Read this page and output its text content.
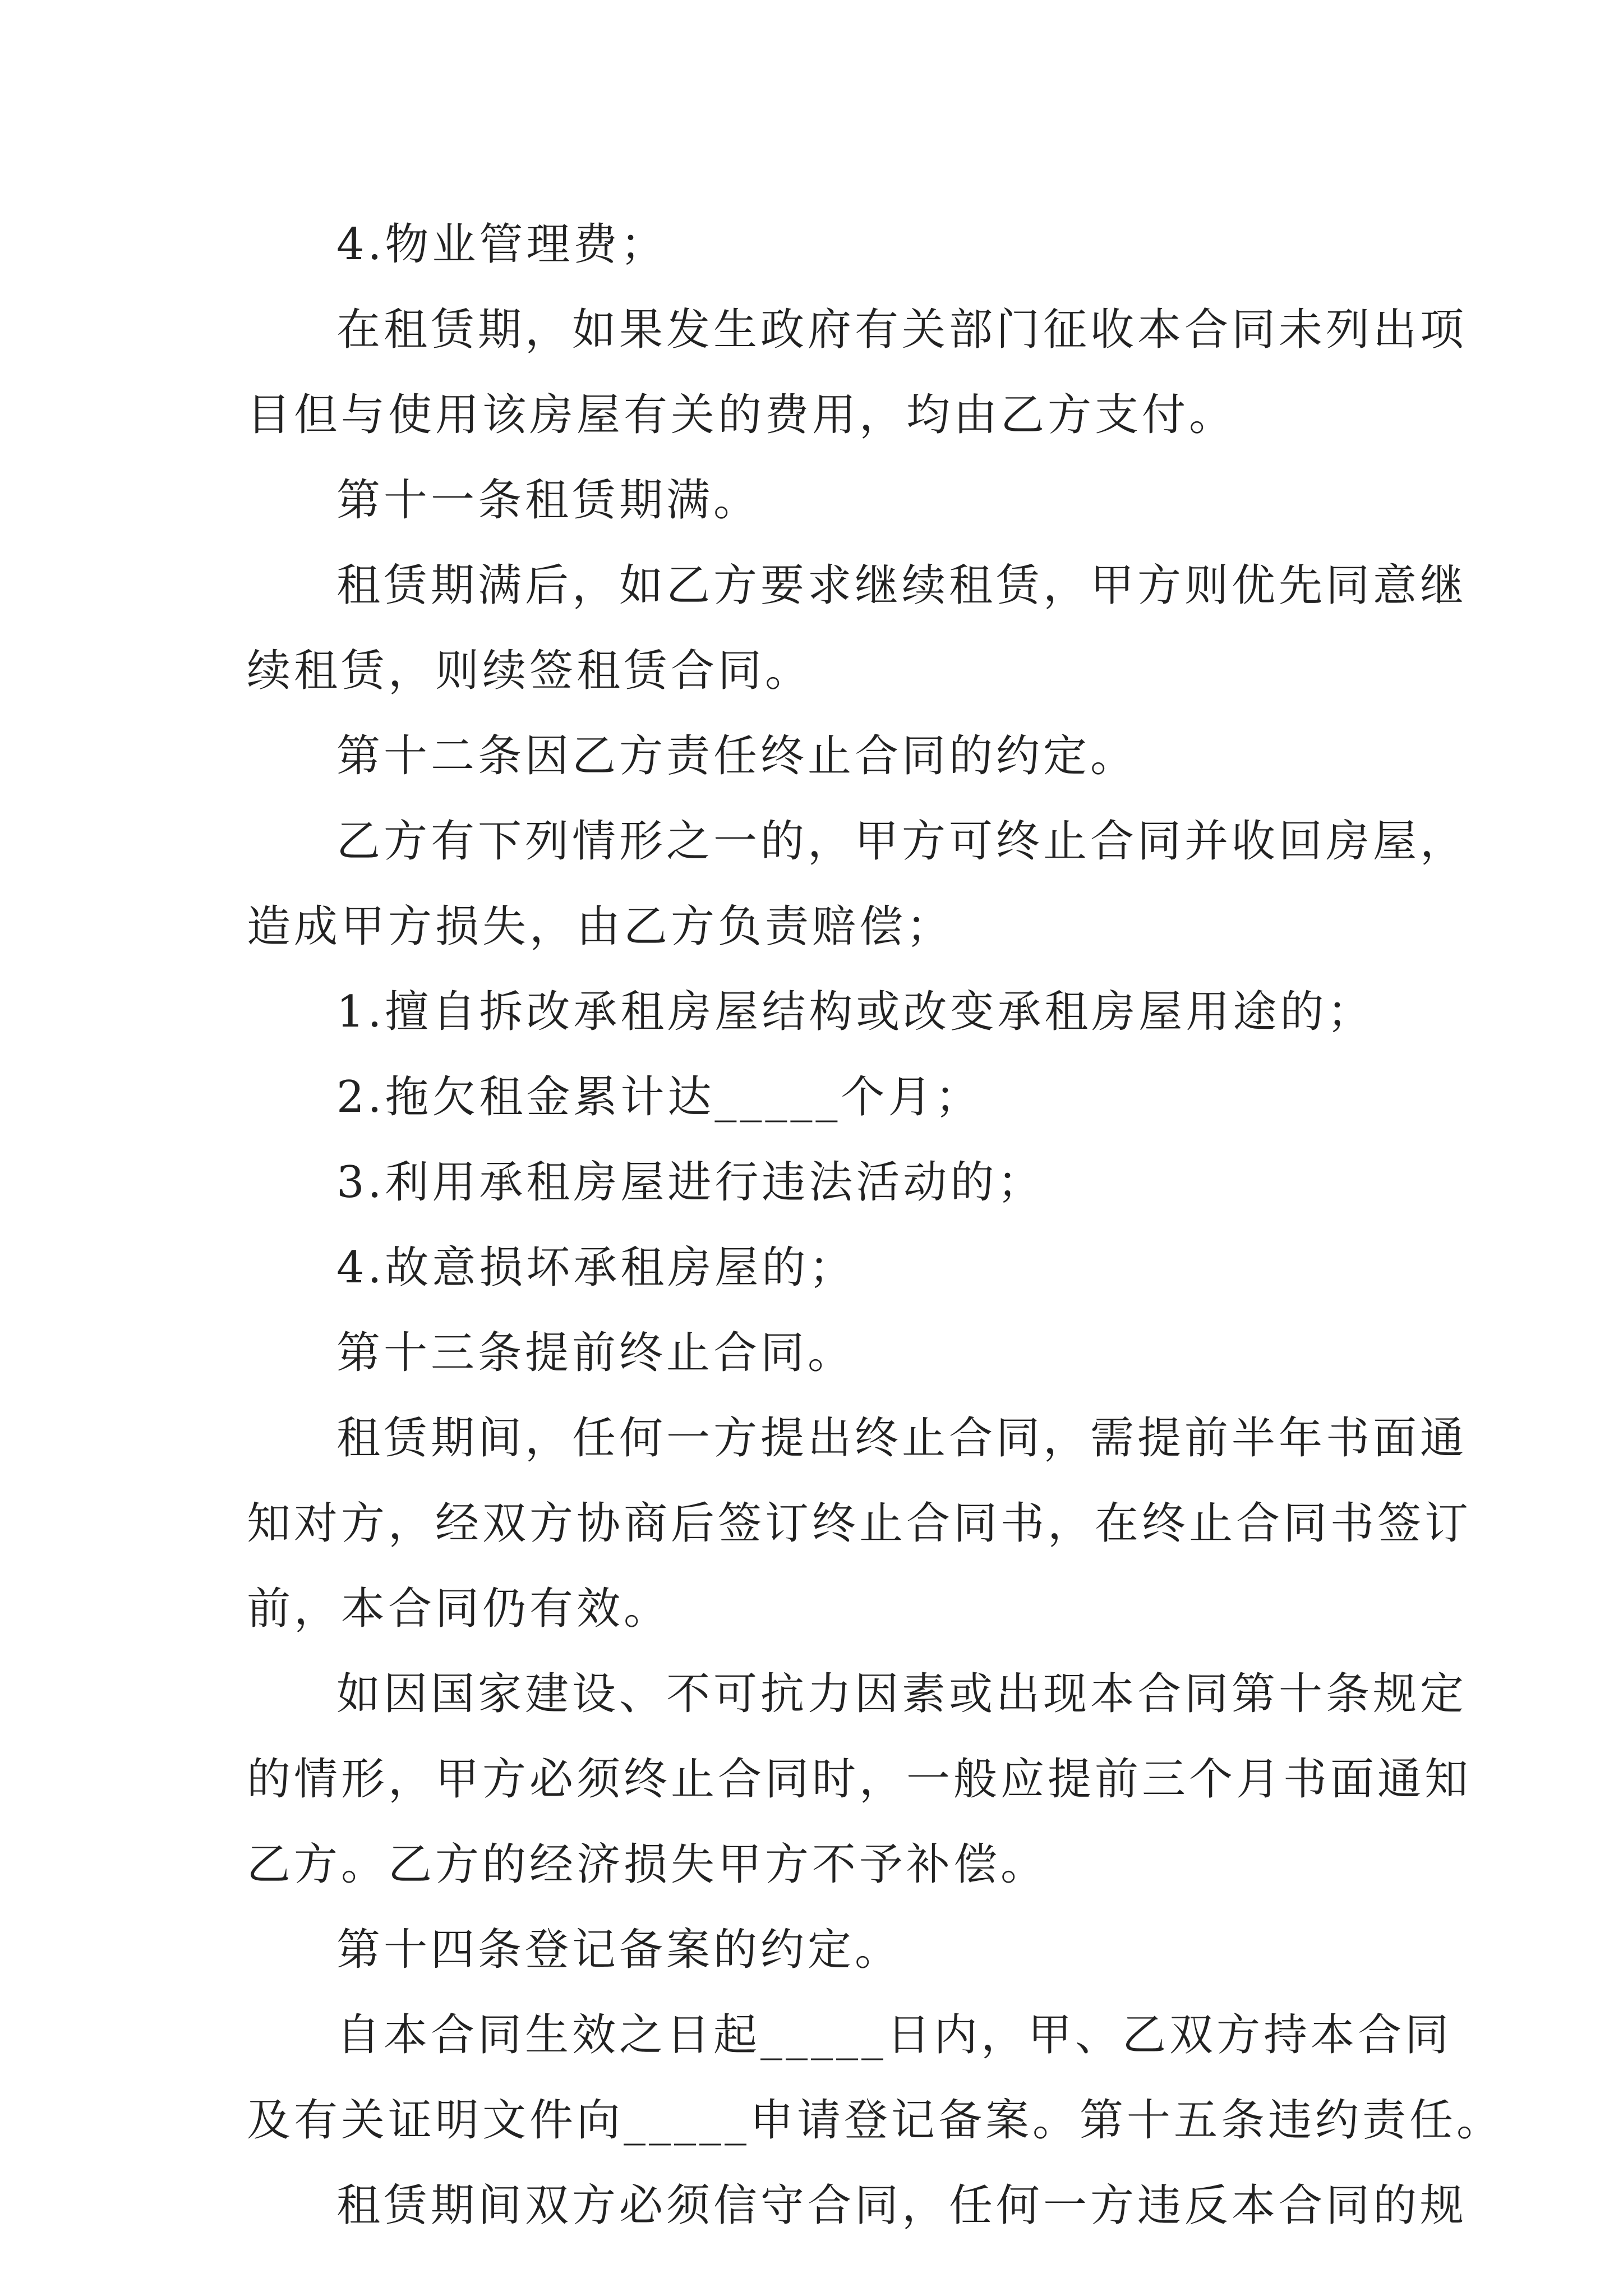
4.物业管理费；
在租赁期，如果发生政府有关部门征收本合同未列出项
目但与使用该房屋有关的费用，均由乙方支付。
第十一条租赁期满。
租赁期满后，如乙方要求继续租赁，甲方则优先同意继
续租赁，则续签租赁合同。
第十二条因乙方责任终止合同的约定。
乙方有下列情形之一的，甲方可终止合同并收回房屋，
造成甲方损失，由乙方负责赔偿；
1.擅自拆改承租房屋结构或改变承租房屋用途的；
2.拖欠租金累计达_____个月；
3.利用承租房屋进行违法活动的；
4.故意损坏承租房屋的；
第十三条提前终止合同。
租赁期间，任何一方提出终止合同，需提前半年书面通
知对方，经双方协商后签订终止合同书，在终止合同书签订
前，本合同仍有效。
如因国家建设、不可抗力因素或出现本合同第十条规定
的情形，甲方必须终止合同时，一般应提前三个月书面通知
乙方。乙方的经济损失甲方不予补偿。
第十四条登记备案的约定。
自本合同生效之日起_____日内，甲、乙双方持本合同
及有关证明文件向_____申请登记备案。第十五条违约责任。
租赁期间双方必须信守合同，任何一方违反本合同的规
